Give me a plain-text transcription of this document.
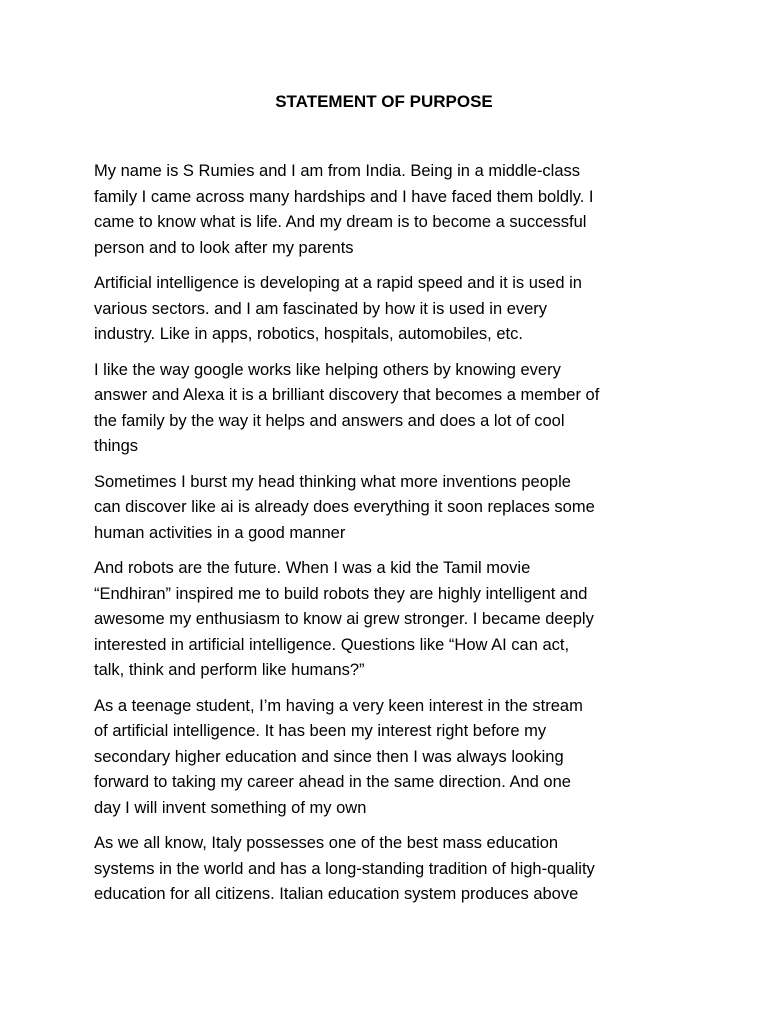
STATEMENT OF PURPOSE

My name is S Rumies and I am from India. Being in a middle-class
family I came across many hardships and I have faced them boldly. I
came to know what is life. And my dream is to become a successful
person and to look after my parents

Artificial intelligence is developing at a rapid speed and it is used in
various sectors. and I am fascinated by how it is used in every
industry. Like in apps, robotics, hospitals, automobiles, etc.

I like the way google works like helping others by knowing every
answer and Alexa it is a brilliant discovery that becomes a member of
the family by the way it helps and answers and does a lot of cool
things

Sometimes I burst my head thinking what more inventions people
can discover like ai is already does everything it soon replaces some
human activities in a good manner

And robots are the future. When I was a kid the Tamil movie
“Endhiran” inspired me to build robots they are highly intelligent and
awesome my enthusiasm to know ai grew stronger. I became deeply
interested in artificial intelligence. Questions like “How AI can act,
talk, think and perform like humans?”

As a teenage student, I’m having a very keen interest in the stream
of artificial intelligence. It has been my interest right before my
secondary higher education and since then I was always looking
forward to taking my career ahead in the same direction. And one
day I will invent something of my own

As we all know, Italy possesses one of the best mass education
systems in the world and has a long-standing tradition of high-quality
education for all citizens. Italian education system produces above
